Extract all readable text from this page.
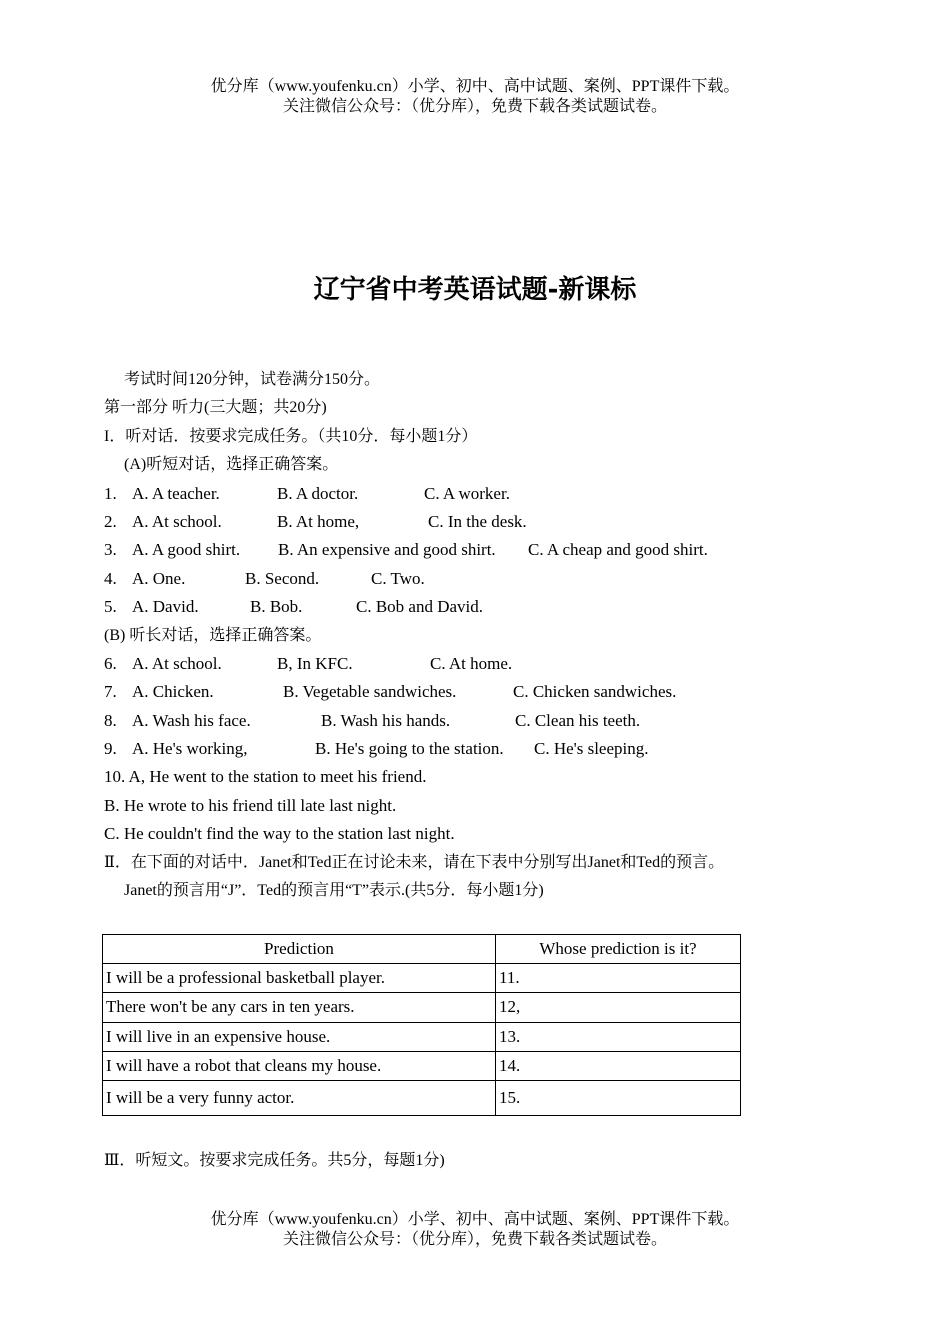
优分库（www.youfenku.cn）小学、初中、高中试题、案例、PPT课件下载。
关注微信公众号：（优分库），免费下载各类试题试卷。
辽宁省中考英语试题-新课标
考试时间120分钟，试卷满分150分。
第一部分 听力(三大题；共20分)
I．听对话．按要求完成任务。（共10分．每小题1分）
(A)听短对话，选择正确答案。
1. A. A teacher.	B. A doctor.	C. A worker.
2. A. At school.	B. At home,	C. In the desk.
3. A. A good shirt. B. An expensive and good shirt. C. A cheap and good shirt.
4. A. One.	B. Second.	C. Two.
5. A. David.	B. Bob.	C. Bob and David.
(B) 听长对话，选择正确答案。
6. A. At school.	B, In KFC.	C. At home.
7. A. Chicken.	B. Vegetable sandwiches.	C. Chicken sandwiches.
8. A. Wash his face.	B. Wash his hands.	C. Clean his teeth.
9. A. He's working,	B. He's going to the station. C. He's sleeping.
10. A, He went to the station to meet his friend.
B. He wrote to his friend till late last night.
C. He couldn't find the way to the station last night.
Ⅱ．在下面的对话中．Janet和Ted正在讨论未来，请在下表中分别写出Janet和Ted的预言。
Janet的预言用“J”．Ted的预言用“T”表示.(共5分．每小题1分)
Prediction	Whose prediction is it?
I will be a professional basketball player.	11.
There won't be any cars in ten years.	12,
I will live in an expensive house.	13.
I will have a robot that cleans my house.	14.
I will be a very funny actor.	15.
Ⅲ．听短文。按要求完成任务。共5分，每题1分)
优分库（www.youfenku.cn）小学、初中、高中试题、案例、PPT课件下载。
关注微信公众号：（优分库），免费下载各类试题试卷。
